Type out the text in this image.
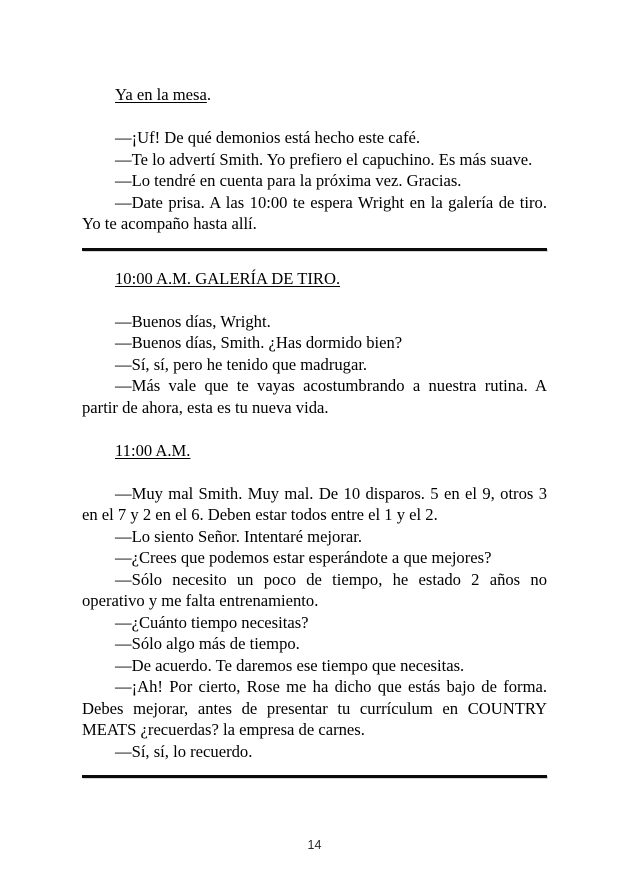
Ya en la mesa.

—¡Uf! De qué demonios está hecho este café.

—Te lo advertí Smith. Yo prefiero el capuchino. Es más suave.

—Lo tendré en cuenta para la próxima vez. Gracias.

—Date prisa. A las 10:00 te espera Wright en la galería de tiro. Yo te acompaño hasta allí.

10:00 A.M. GALERÍA DE TIRO.

—Buenos días, Wright.

—Buenos días, Smith. ¿Has dormido bien?

—Sí, sí, pero he tenido que madrugar.

—Más vale que te vayas acostumbrando a nuestra rutina. A partir de ahora, esta es tu nueva vida.

11:00 A.M.

—Muy mal Smith. Muy mal. De 10 disparos. 5 en el 9, otros 3 en el 7 y 2 en el 6. Deben estar todos entre el 1 y el 2.

—Lo siento Señor. Intentaré mejorar.

—¿Crees que podemos estar esperándote a que mejores?

—Sólo necesito un poco de tiempo, he estado 2 años no operativo y me falta entrenamiento.

—¿Cuánto tiempo necesitas?

—Sólo algo más de tiempo.

—De acuerdo. Te daremos ese tiempo que necesitas.

—¡Ah! Por cierto, Rose me ha dicho que estás bajo de forma. Debes mejorar, antes de presentar tu currículum en COUNTRY MEATS ¿recuerdas? la empresa de carnes.

—Sí, sí, lo recuerdo.

14
